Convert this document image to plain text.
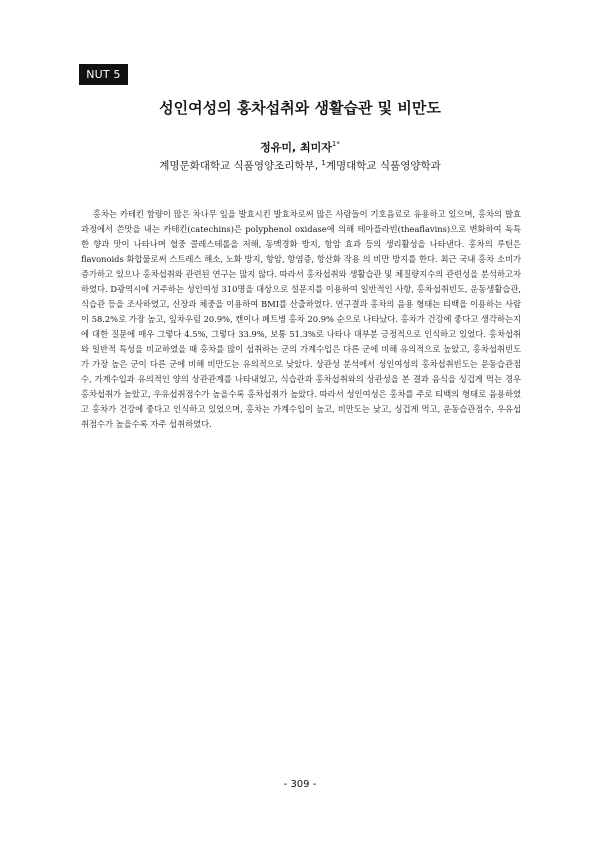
NUT 5
성인여성의 홍차섭취와 생활습관 및 비만도
정유미, 최미자$^{1*}$
계명문화대학교 식품영양조리학부, $^1$계명대학교 식품영양학과

홍차는 카테킨 함량이 많은 차나무 잎을 발효시킨 발효차로써 많은 사람들이 기호음료로 유용하고 있으며, 홍차의 발효과정에서 쓴맛을 내는 카테킨(catechins)은 polyphenol oxidase에 의해 테아플라빈(theaflavins)으로 변화하여 독특한 향과 맛이 나타나며 혈중 콜레스테롤을 저해, 동맥경화 방지, 항암 효과 등의 생리활성을 나타낸다. 홍차의 루틴은 flavonoids 화합물로써 스트레스 해소, 노화 방지, 항암, 항염증, 항산화 작용 의 비만 방지를 한다. 최근 국내 홍차 소비가 증가하고 있으나 홍차섭취와 관련된 연구는 많지 않다. 따라서 홍차섭취와 생활습관 및 체질량지수의 관련성을 분석하고자 하였다. D광역시에 거주하는 성인여성 310명을 대상으로 설문지를 이용하여 일반적인 사항, 홍차섭취빈도, 운동생활습관, 식습관 등을 조사하였고, 신장과 체중을 이용하여 BMI를 산출하였다. 연구결과 홍차의 음용 형태는 티백을 이용하는 사람이 58.2%로 가장 높고, 잎차우림 20.9%, 캔이나 페트병 홍차 20.9% 순으로 나타났다. 홍차가 건강에 좋다고 생각하는지에 대한 질문에 매우 그렇다 4.5%, 그렇다 33.9%, 보통 51.3%로 나타나 대부분 긍정적으로 인식하고 있었다. 홍차섭취와 일반적 특성을 비교하였을 때 홍차를 많이 섭취하는 군의 가계수입은 다른 군에 비해 유의적으로 높았고, 홍차섭취빈도가 가장 높은 군이 다른 군에 비해 비만도는 유의적으로 낮았다. 상관성 분석에서 성인여성의 홍차섭취빈도는 운동습관점수, 가계수입과 유의적인 양의 상관관계를 나타내었고, 식습관과 홍차섭취와의 상관성을 본 결과 음식을 싱겁게 먹는 경우 홍차섭취가 높았고, 우유섭취점수가 높을수록 홍차섭취가 높았다. 따라서 성인여성은 홍차를 주로 티백의 형태로 음용하였고 홍차가 건강에 좋다고 인식하고 있었으며, 홍차는 가계수입이 높고, 비만도는 낮고, 싱겁게 먹고, 운동습관점수, 우유섭취점수가 높을수록 자주 섭취하였다.

- 309 -
